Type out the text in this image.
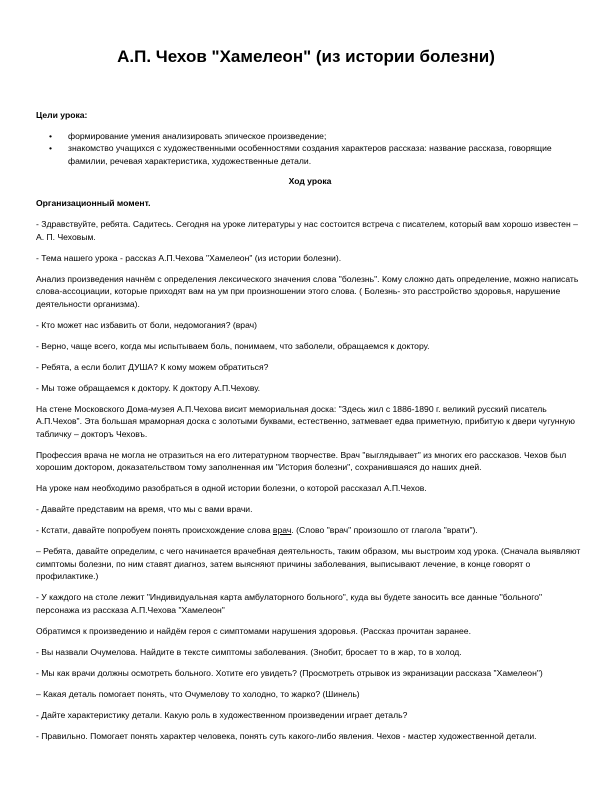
А.П. Чехов "Хамелеон" (из истории болезни)

Цели урока:

• формирование умения анализировать эпическое произведение;
• знакомство учащихся с художественными особенностями создания характеров рассказа: название рассказа, говорящие фамилии, речевая характеристика, художественные детали.

Ход урока

Организационный момент.

- Здравствуйте, ребята. Садитесь. Сегодня на уроке литературы у нас состоится встреча с писателем, который вам хорошо известен – А. П. Чеховым.

- Тема нашего урока - рассказ А.П.Чехова "Хамелеон" (из истории болезни).

Анализ произведения начнём с определения лексического значения слова "болезнь". Кому сложно дать определение, можно написать слова-ассоциации, которые приходят вам на ум при произношении этого слова. ( Болезнь- это расстройство здоровья, нарушение деятельности организма).

- Кто может нас избавить от боли, недомогания? (врач)

- Верно, чаще всего, когда мы испытываем боль, понимаем, что заболели, обращаемся к доктору.

- Ребята, а если болит ДУША? К кому можем обратиться?

- Мы тоже обращаемся к доктору. К доктору А.П.Чехову.

На стене Московского Дома-музея А.П.Чехова висит мемориальная доска: "Здесь жил с 1886-1890 г. великий русский писатель А.П.Чехов". Эта большая мраморная доска с золотыми буквами, естественно, затмевает едва приметную, прибитую к двери чугунную табличку – докторъ Чеховъ.

Профессия врача не могла не отразиться на его литературном творчестве. Врач "выглядывает" из многих его рассказов. Чехов был хорошим доктором, доказательством тому заполненная им "История болезни", сохранившаяся до наших дней.

На уроке нам необходимо разобраться в одной истории болезни, о которой рассказал А.П.Чехов.

- Давайте представим на время, что мы с вами врачи.

- Кстати, давайте попробуем понять происхождение слова врач. (Слово "врач" произошло от глагола "врати").

– Ребята, давайте определим, с чего начинается врачебная деятельность, таким образом, мы выстроим ход урока. (Сначала выявляют симптомы болезни, по ним ставят диагноз, затем выясняют причины заболевания, выписывают лечение, в конце говорят о профилактике.)

- У каждого на столе лежит "Индивидуальная карта амбулаторного больного", куда вы будете заносить все данные "больного" персонажа из рассказа А.П.Чехова "Хамелеон"

Обратимся к произведению и найдём героя с симптомами нарушения здоровья. (Рассказ прочитан заранее.

- Вы назвали Очумелова. Найдите в тексте симптомы заболевания. (Знобит, бросает то в жар, то в холод.

- Мы как врачи должны осмотреть больного. Хотите его увидеть? (Просмотреть отрывок из экранизации рассказа "Хамелеон")

– Какая деталь помогает понять, что Очумелову то холодно, то жарко? (Шинель)

- Дайте характеристику детали. Какую роль в художественном произведении играет деталь?

- Правильно. Помогает понять характер человека, понять суть какого-либо явления. Чехов - мастер художественной детали.
